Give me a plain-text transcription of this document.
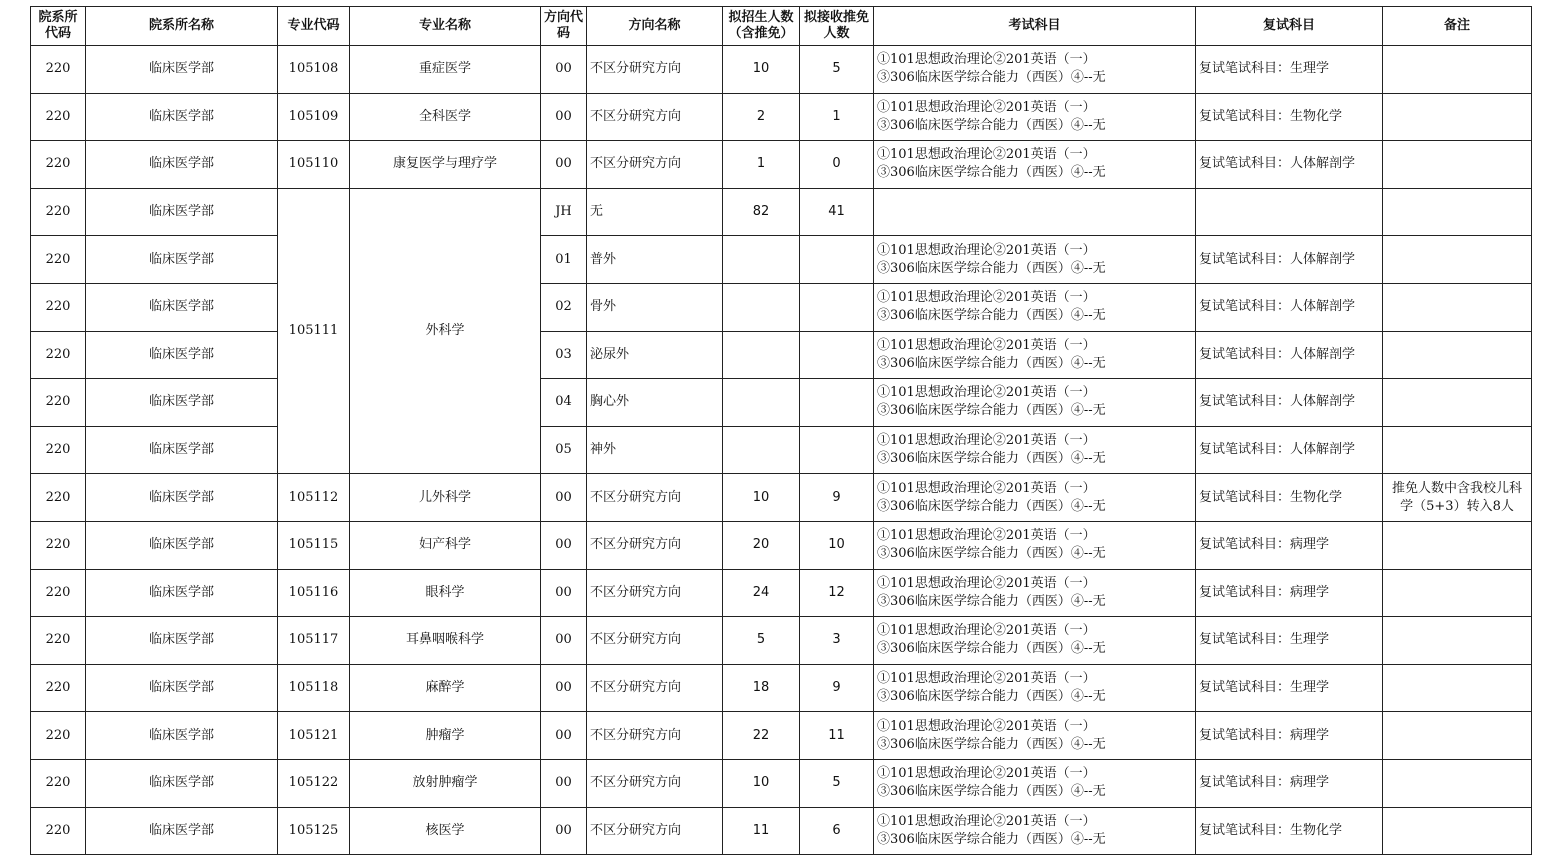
院系所代码	院系所名称	专业代码	专业名称	方向代码	方向名称	拟招生人数（含推免）	拟接收推免人数	考试科目	复试科目	备注
220	临床医学部	105108	重症医学	00	不区分研究方向	10	5	①101思想政治理论②201英语（一）
③306临床医学综合能力（西医）④--无	复试笔试科目：生理学	
220	临床医学部	105109	全科医学	00	不区分研究方向	2	1	①101思想政治理论②201英语（一）
③306临床医学综合能力（西医）④--无	复试笔试科目：生物化学	
220	临床医学部	105110	康复医学与理疗学	00	不区分研究方向	1	0	①101思想政治理论②201英语（一）
③306临床医学综合能力（西医）④--无	复试笔试科目：人体解剖学	
220	临床医学部	105111	外科学	JH	无	82	41			
220	临床医学部			01	普外			①101思想政治理论②201英语（一）
③306临床医学综合能力（西医）④--无	复试笔试科目：人体解剖学	
220	临床医学部			02	骨外			①101思想政治理论②201英语（一）
③306临床医学综合能力（西医）④--无	复试笔试科目：人体解剖学	
220	临床医学部			03	泌尿外			①101思想政治理论②201英语（一）
③306临床医学综合能力（西医）④--无	复试笔试科目：人体解剖学	
220	临床医学部			04	胸心外			①101思想政治理论②201英语（一）
③306临床医学综合能力（西医）④--无	复试笔试科目：人体解剖学	
220	临床医学部			05	神外			①101思想政治理论②201英语（一）
③306临床医学综合能力（西医）④--无	复试笔试科目：人体解剖学	
220	临床医学部	105112	儿外科学	00	不区分研究方向	10	9	①101思想政治理论②201英语（一）
③306临床医学综合能力（西医）④--无	复试笔试科目：生物化学	推免人数中含我校儿科学（5+3）转入8人
220	临床医学部	105115	妇产科学	00	不区分研究方向	20	10	①101思想政治理论②201英语（一）
③306临床医学综合能力（西医）④--无	复试笔试科目：病理学	
220	临床医学部	105116	眼科学	00	不区分研究方向	24	12	①101思想政治理论②201英语（一）
③306临床医学综合能力（西医）④--无	复试笔试科目：病理学	
220	临床医学部	105117	耳鼻咽喉科学	00	不区分研究方向	5	3	①101思想政治理论②201英语（一）
③306临床医学综合能力（西医）④--无	复试笔试科目：生理学	
220	临床医学部	105118	麻醉学	00	不区分研究方向	18	9	①101思想政治理论②201英语（一）
③306临床医学综合能力（西医）④--无	复试笔试科目：生理学	
220	临床医学部	105121	肿瘤学	00	不区分研究方向	22	11	①101思想政治理论②201英语（一）
③306临床医学综合能力（西医）④--无	复试笔试科目：病理学	
220	临床医学部	105122	放射肿瘤学	00	不区分研究方向	10	5	①101思想政治理论②201英语（一）
③306临床医学综合能力（西医）④--无	复试笔试科目：病理学	
220	临床医学部	105125	核医学	00	不区分研究方向	11	6	①101思想政治理论②201英语（一）
③306临床医学综合能力（西医）④--无	复试笔试科目：生物化学	
